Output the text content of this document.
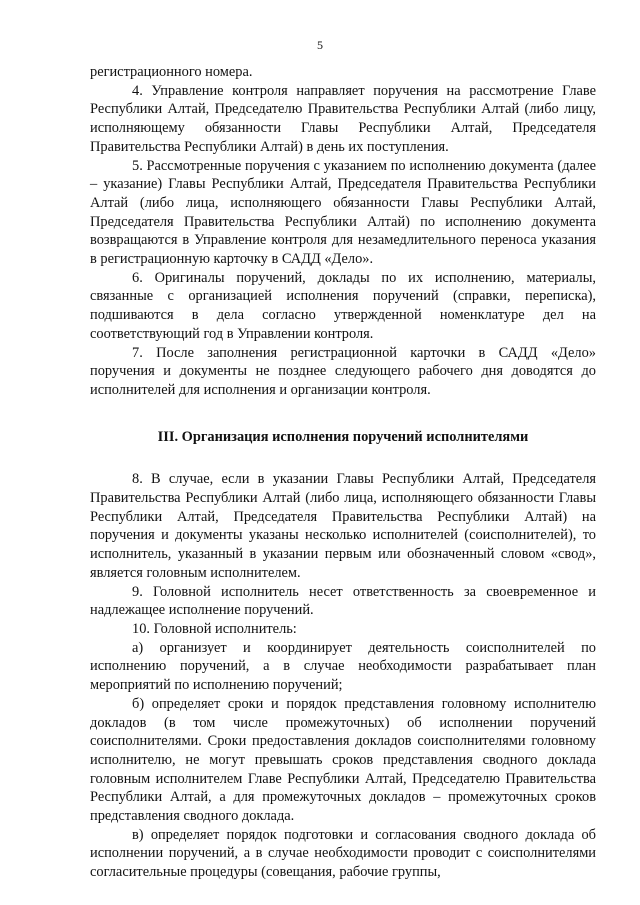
5

регистрационного номера.

4. Управление контроля направляет поручения на рассмотрение Главе Республики Алтай, Председателю Правительства Республики Алтай (либо лицу, исполняющему обязанности Главы Республики Алтай, Председателя Правительства Республики Алтай) в день их поступления.

5. Рассмотренные поручения с указанием по исполнению документа (далее – указание) Главы Республики Алтай, Председателя Правительства Республики Алтай (либо лица, исполняющего обязанности Главы Республики Алтай, Председателя Правительства Республики Алтай) по исполнению документа возвращаются в Управление контроля для незамедлительного переноса указания в регистрационную карточку в САДД «Дело».

6. Оригиналы поручений, доклады по их исполнению, материалы, связанные с организацией исполнения поручений (справки, переписка), подшиваются в дела согласно утвержденной номенклатуре дел на соответствующий год в Управлении контроля.

7. После заполнения регистрационной карточки в САДД «Дело» поручения и документы не позднее следующего рабочего дня доводятся до исполнителей для исполнения и организации контроля.

III. Организация исполнения поручений исполнителями

8. В случае, если в указании Главы Республики Алтай, Председателя Правительства Республики Алтай (либо лица, исполняющего обязанности Главы Республики Алтай, Председателя Правительства Республики Алтай) на поручения и документы указаны несколько исполнителей (соисполнителей), то исполнитель, указанный в указании первым или обозначенный словом «свод», является головным исполнителем.

9. Головной исполнитель несет ответственность за своевременное и надлежащее исполнение поручений.

10. Головной исполнитель:

а) организует и координирует деятельность соисполнителей по исполнению поручений, а в случае необходимости разрабатывает план мероприятий по исполнению поручений;

б) определяет сроки и порядок представления головному исполнителю докладов (в том числе промежуточных) об исполнении поручений соисполнителями. Сроки предоставления докладов соисполнителями головному исполнителю, не могут превышать сроков представления сводного доклада головным исполнителем Главе Республики Алтай, Председателю Правительства Республики Алтай, а для промежуточных докладов – промежуточных сроков представления сводного доклада.

в) определяет порядок подготовки и согласования сводного доклада об исполнении поручений, а в случае необходимости проводит с соисполнителями согласительные процедуры (совещания, рабочие группы,
